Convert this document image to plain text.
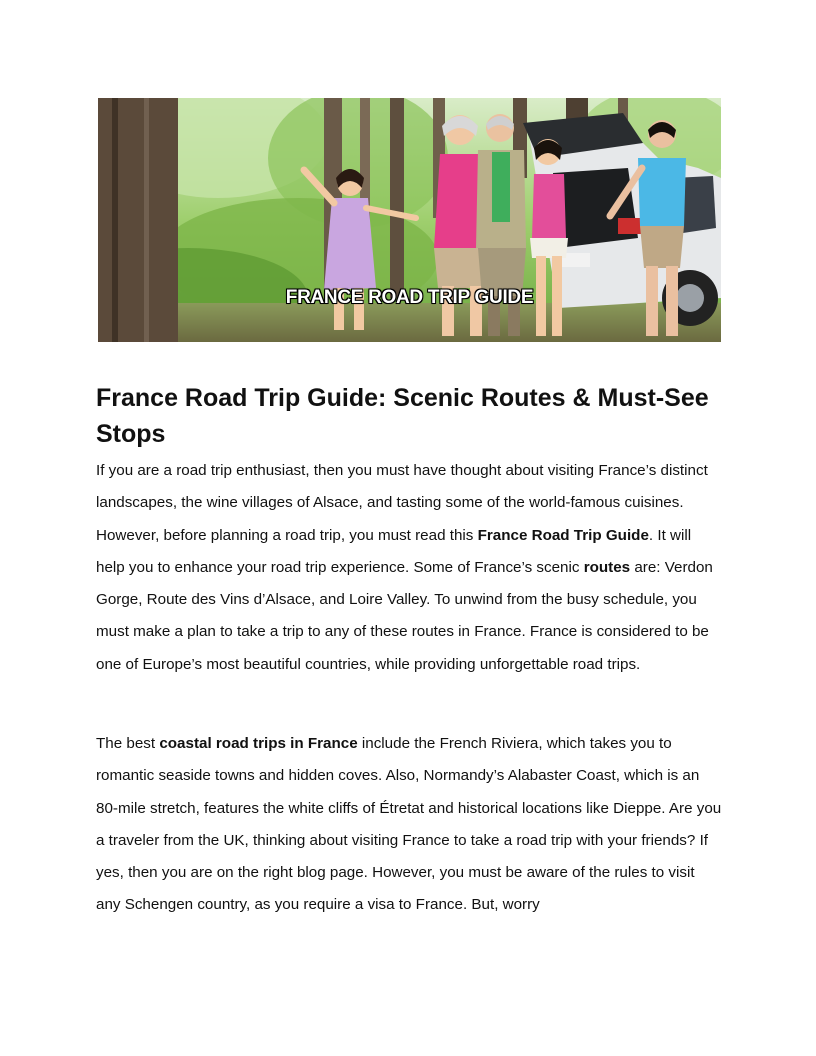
FRANCE ROAD TRIP GUIDE
France Road Trip Guide: Scenic Routes & Must-See Stops

If you are a road trip enthusiast, then you must have thought about visiting France’s distinct landscapes, the wine villages of Alsace, and tasting some of the world-famous cuisines. However, before planning a road trip, you must read this France Road Trip Guide. It will help you to enhance your road trip experience. Some of France’s scenic routes are: Verdon Gorge, Route des Vins d’Alsace, and Loire Valley. To unwind from the busy schedule, you must make a plan to take a trip to any of these routes in France. France is considered to be one of Europe’s most beautiful countries, while providing unforgettable road trips.

The best coastal road trips in France include the French Riviera, which takes you to romantic seaside towns and hidden coves. Also, Normandy’s Alabaster Coast, which is an 80-mile stretch, features the white cliffs of Étretat and historical locations like Dieppe. Are you a traveler from the UK, thinking about visiting France to take a road trip with your friends? If yes, then you are on the right blog page. However, you must be aware of the rules to visit any Schengen country, as you require a visa to France. But, worry
